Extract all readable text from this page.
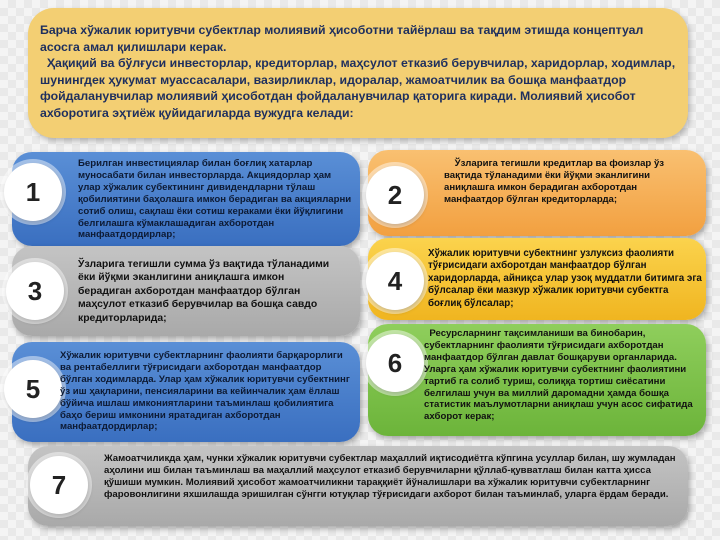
Барча хўжалик юритувчи субектлар молиявий ҳисоботни тайёрлаш ва тақдим этишда концептуал асосга амал қилишлари керак.
Ҳақиқий ва бўлғуси инвесторлар, кредиторлар, маҳсулот етказиб берувчилар, харидорлар, ходимлар, шунингдек ҳукумат муассасалари, вазирликлар, идоралар, жамоатчилик ва бошқа манфаатдор фойдаланувчилар молиявий ҳисоботдан фойдаланувчилар қаторига киради. Молиявий ҳисобот ахборотига эҳтиёж қуйидагиларда вужудга келади:

1
Берилган инвестициялар билан боғлиқ хатарлар муносабати билан инвесторларда. Акциядорлар ҳам улар хўжалик субектининг дивидендларни тўлаш қобилиятини баҳолашга имкон берадиган ва акцияларни сотиб олиш, сақлаш ёки сотиш кераками ёки йўқлигини белгилашга кўмаклашадиган ахборотдан манфаатдордирлар;
2
Ўзларига тегишли кредитлар ва фоизлар ўз вақтида тўланадими ёки йўқми эканлигини аниқлашга имкон берадиган ахборотдан манфаатдор бўлган кредиторларда;
3
Ўзларига тегишли сумма ўз вақтида тўланадими ёки йўқми эканлигини аниқлашга имкон берадиган ахборотдан манфаатдор бўлган маҳсулот етказиб берувчилар ва бошқа савдо кредиторларида;
4
Хўжалик юритувчи субектнинг узлуксиз фаолияти тўғрисидаги ахборотдан манфаатдор бўлган харидорларда, айниқса улар узоқ муддатли битимга эга бўлсалар ёки мазкур хўжалик юритувчи субектга боғлиқ бўлсалар;
5
Хўжалик юритувчи субектларнинг фаолияти барқарорлиги ва рентабеллиги тўғрисидаги ахборотдан манфаатдор бўлган ходимларда. Улар ҳам хўжалик юритувчи субектнинг ўз иш ҳақларини, пенсияларини ва кейинчалик ҳам ёллаш бўйича ишлаш имкониятларини таъминлаш қобилиятига баҳо бериш имконини яратадиган ахборотдан манфаатдордирлар;
6
Ресурсларнинг тақсимланиши ва бинобарин, субектларнинг фаолияти тўғрисидаги ахборотдан манфаатдор бўлган давлат бошқаруви органларида. Уларга ҳам хўжалик юритувчи субектнинг фаолиятини тартиб га солиб туриш, солиққа тортиш сиёсатини белгилаш учун ва миллий даромадни ҳамда бошқа статистик маълумотларни аниқлаш учун асос сифатида ахборот керак;
7
Жамоатчиликда ҳам, чунки хўжалик юритувчи субектлар маҳаллий иқтисодиётга кўпгина усуллар билан, шу жумладан аҳолини иш билан таъминлаш ва маҳаллий маҳсулот етказиб берувчиларни қўллаб-қувватлаш билан катта ҳисса қўшиши мумкин. Молиявий ҳисобот жамоатчиликни тараққиёт йўналишлари ва хўжалик юритувчи субектларнинг фаровонлигини яхшилашда эришилган сўнгги ютуқлар тўғрисидаги ахборот билан таъминлаб, уларга ёрдам беради.
